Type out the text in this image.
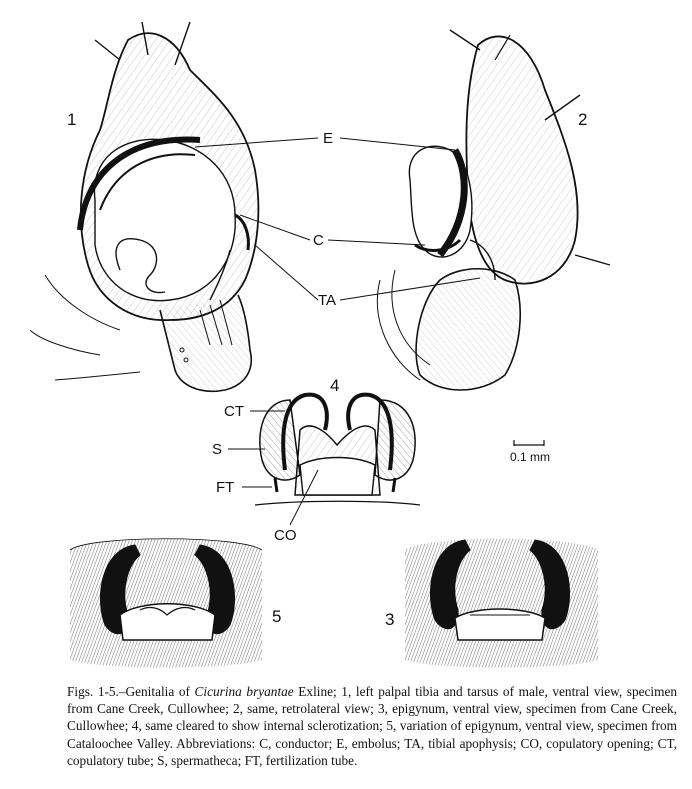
1	2
E
C
TA
4
CT
S
FT
CO
0.1 mm
5	3
Figs. 1-5.–Genitalia of Cicurina bryantae Exline; 1, left palpal tibia and tarsus of male, ventral view, specimen from Cane Creek, Cullowhee; 2, same, retrolateral view; 3, epigynum, ventral view, specimen from Cane Creek, Cullowhee; 4, same cleared to show internal sclerotization; 5, variation of epigynum, ventral view, specimen from Cataloochee Valley. Abbreviations: C, conductor; E, embolus; TA, tibial apophysis; CO, copulatory opening; CT, copulatory tube; S, spermatheca; FT, fertilization tube.
